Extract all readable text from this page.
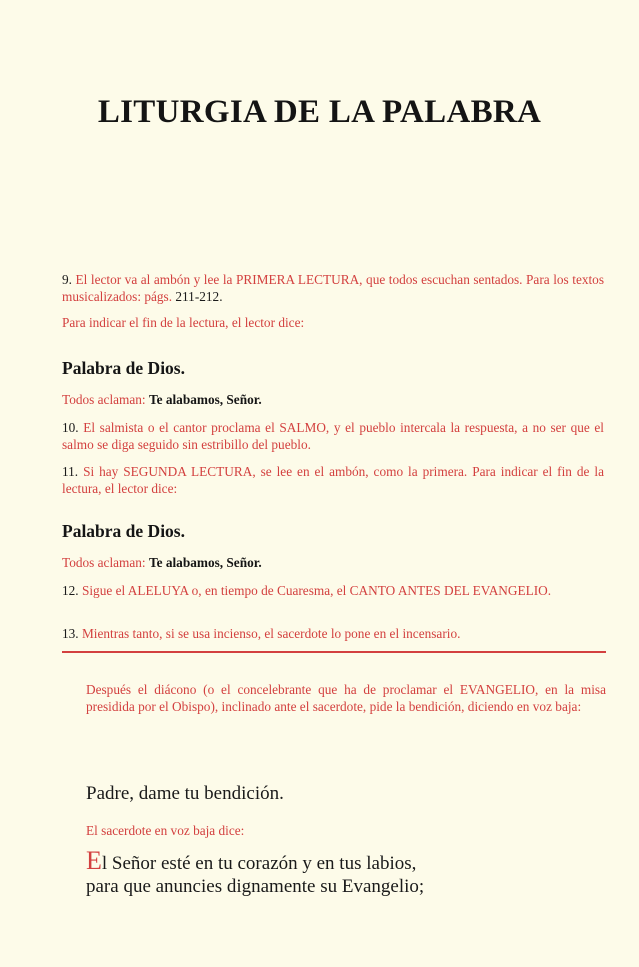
LITURGIA DE LA PALABRA
9. El lector va al ambón y lee la PRIMERA LECTURA, que todos escuchan sentados. Para los textos musicalizados: págs. 211-212.
Para indicar el fin de la lectura, el lector dice:
Palabra de Dios.
Todos aclaman: Te alabamos, Señor.
10. El salmista o el cantor proclama el SALMO, y el pueblo intercala la respuesta, a no ser que el salmo se diga seguido sin estribillo del pueblo.
11. Si hay SEGUNDA LECTURA, se lee en el ambón, como la primera. Para indicar el fin de la lectura, el lector dice:
Palabra de Dios.
Todos aclaman: Te alabamos, Señor.
12. Sigue el ALELUYA o, en tiempo de Cuaresma, el CANTO ANTES DEL EVANGELIO.
13. Mientras tanto, si se usa incienso, el sacerdote lo pone en el incensario.
Después el diácono (o el concelebrante que ha de proclamar el EVANGELIO, en la misa presidida por el Obispo), inclinado ante el sacerdote, pide la bendición, diciendo en voz baja:
Padre, dame tu bendición.
El sacerdote en voz baja dice:
El Señor esté en tu corazón y en tus labios,
para que anuncies dignamente su Evangelio;
